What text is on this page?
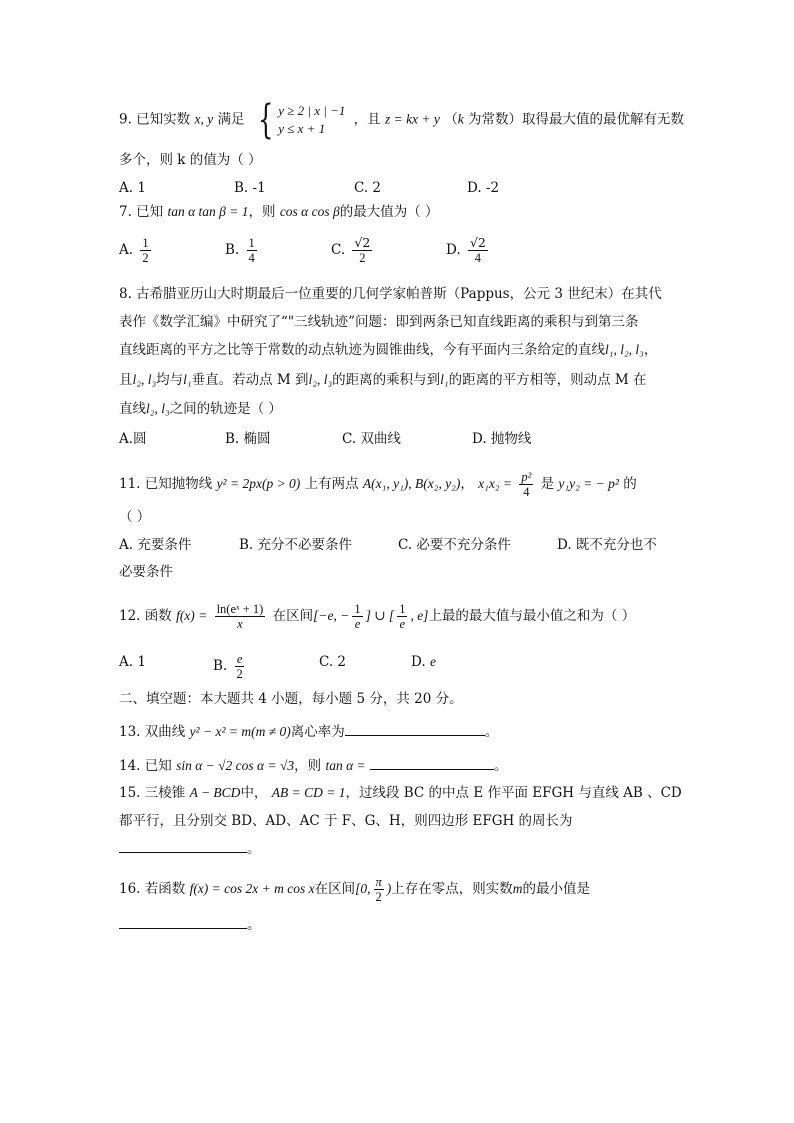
9. 已知实数 x, y 满足 { y ≥ 2 | x | −1
y ≤ x + 1
，且 z = kx + y （k 为常数）取得最大值的最优解有无数
多个，则 k 的值为（ ）
A. 1	B. -1	C. 2	D. -2
7. 已知 tan α tan β = 1，则 cos α cos β的最大值为（ ）
A. $\frac{1}{2}$	B. $\frac{1}{4}$	C. $\frac{√2}{2}$	D. $\frac{√2}{4}$
8. 古希腊亚历山大时期最后一位重要的几何学家帕普斯（Pappus，公元 3 世纪末）在其代
表作《数学汇编》中研究了“"三线轨迹”问题：即到两条已知直线距离的乘积与到第三条
直线距离的平方之比等于常数的动点轨迹为圆锥曲线，今有平面内三条给定的直线l₁, l₂, l₃，
且l₂, l₃均与l₁垂直。若动点 M 到l₂, l₃的距离的乘积与到l₁的距离的平方相等，则动点 M 在
直线l₂, l₃之间的轨迹是（ ）
A.圆	B. 椭圆	C. 双曲线	D. 抛物线
11. 已知抛物线 y² = 2px(p > 0) 上有两点 A(x₁, y₁), B(x₂, y₂)， $x_1x_2 = \frac{\text{p²}}{4}$ 是 y₁y₂ = − p² 的
（ ）
A. 充要条件	B. 充分不必要条件	C. 必要不充分条件	D. 既不充分也不
必要条件
12. 函数 $f(x) = \frac{\text{ln(eˣ + 1)}}{x}$ 在区间[−e, − $\frac{1}{e}$ ] ∪ [ $\frac{1}{e}$ , e]上最的最大值与最小值之和为（ ）
A. 1	B. $\frac{e}{2}$	C. 2	D. e
二、填空题：本大题共 4 小题，每小题 5 分，共 20 分。
13. 双曲线 y² − x² = m(m ≠ 0)离心率为	。
14. 已知 sin α − √2 cos α = √3，则 tan α =	。
15. 三棱锥 A − BCD中， AB = CD = 1，过线段 BC 的中点 E 作平面 EFGH 与直线 AB 、CD
都平行，且分别交 BD、AD、AC 于 F、G、H，则四边形 EFGH 的周长为
。
16. 若函数 f(x) = cos 2x + m cos x在区间[0, $\frac{\pi}{2}$ )上存在零点，则实数m的最小值是
。
